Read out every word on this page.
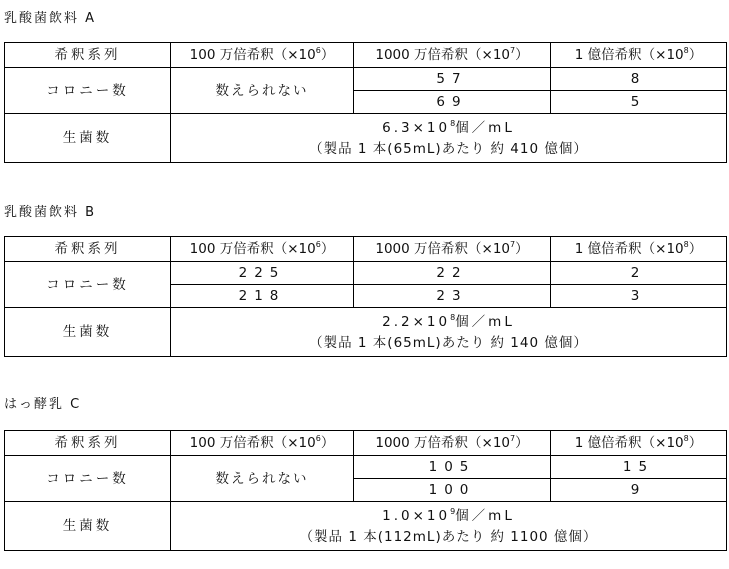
乳酸菌飲料 A
希釈系列	100 万倍希釈$(\times 10^6)$	1000 万倍希釈$(\times 10^7)$	1 億倍希釈$(\times 10^8)$
コロニー数	数えられない	57	8
		69	5
生菌数	$6.3\times 10^8$個／mL
（製品 1 本(65mL)あたり 約 410 億個）		
乳酸菌飲料 B
希釈系列	100 万倍希釈$(\times 10^6)$	1000 万倍希釈$(\times 10^7)$	1 億倍希釈$(\times 10^8)$
コロニー数	225	22	2
	218	23	3
生菌数	$2.2\times 10^8$個／mL
（製品 1 本(65mL)あたり 約 140 億個）		
はっ酵乳 C
希釈系列	100 万倍希釈$(\times 10^6)$	1000 万倍希釈$(\times 10^7)$	1 億倍希釈$(\times 10^8)$
コロニー数	数えられない	105	15
		100	9
生菌数	$1.0\times 10^9$個／mL
（製品 1 本(112mL)あたり 約 1100 億個）		
